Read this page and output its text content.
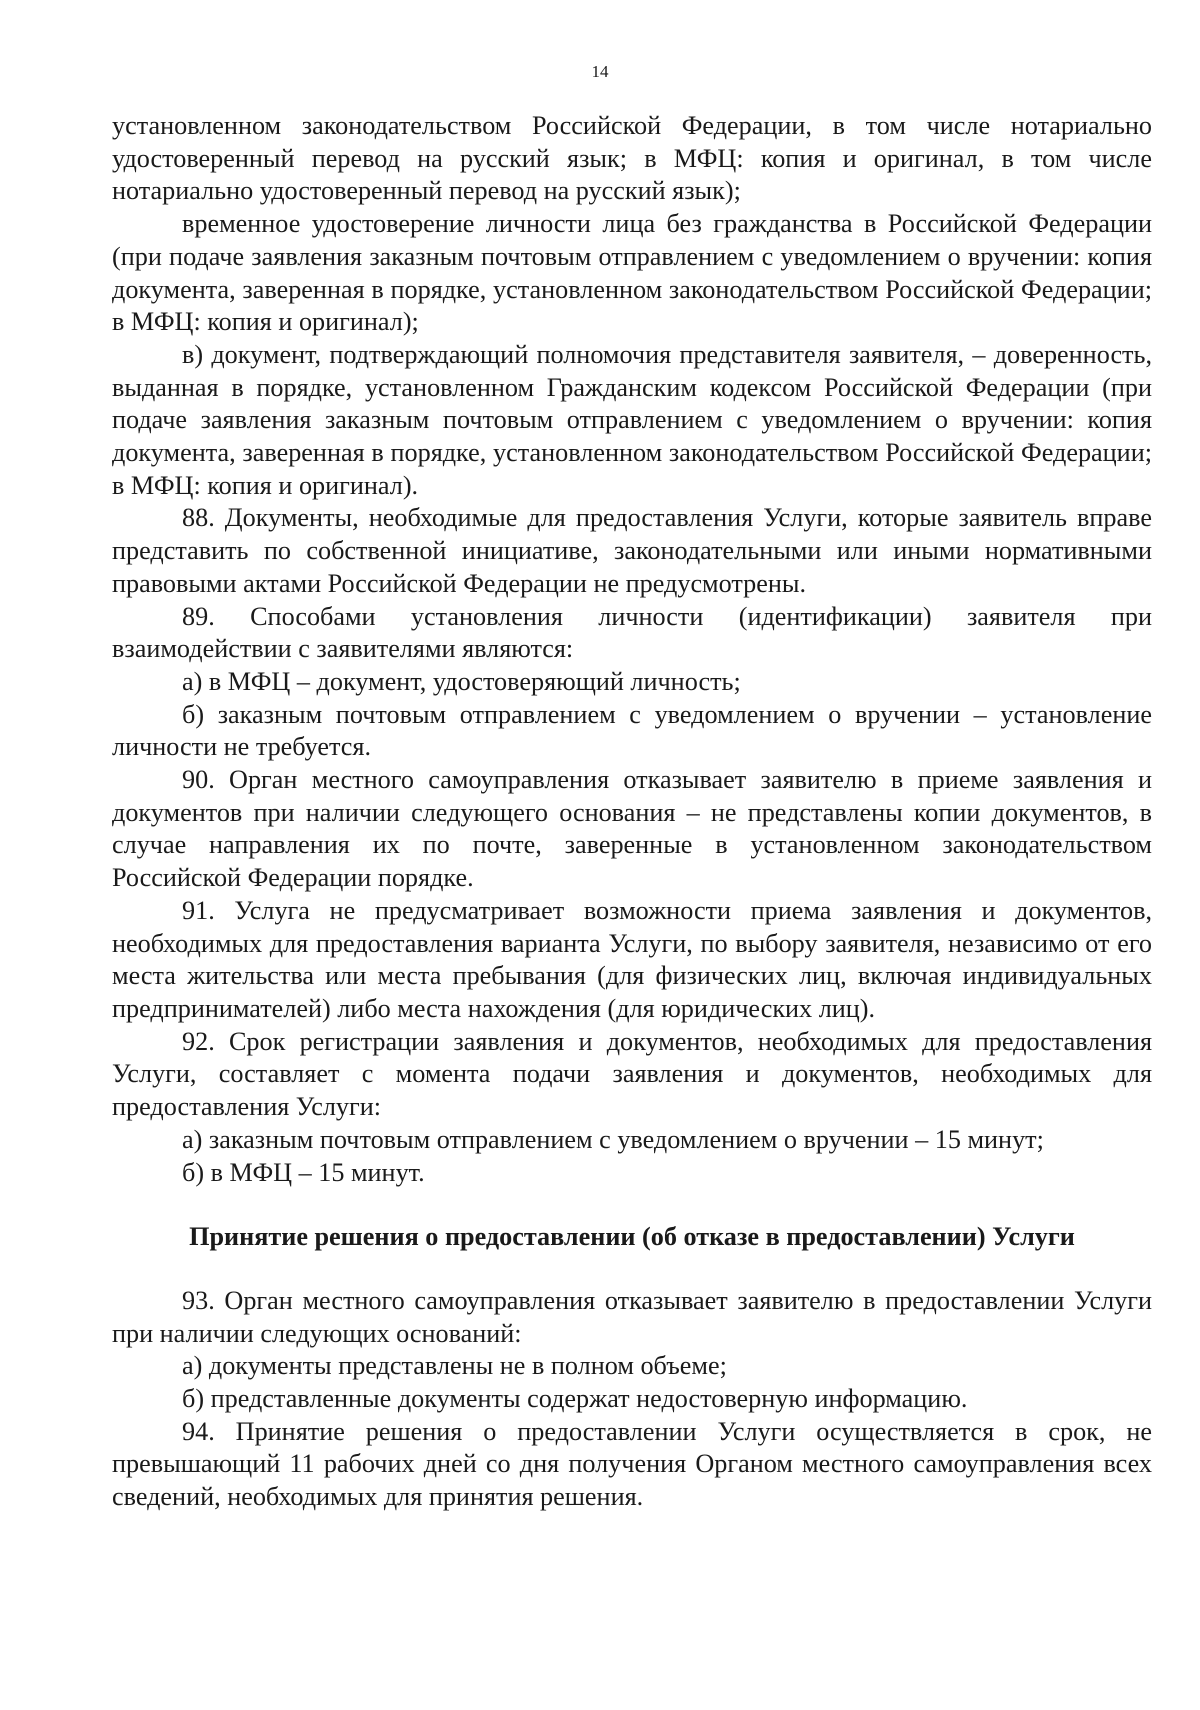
14

установленном законодательством Российской Федерации, в том числе нотариально удостоверенный перевод на русский язык; в МФЦ: копия и оригинал, в том числе нотариально удостоверенный перевод на русский язык);

временное удостоверение личности лица без гражданства в Российской Федерации (при подаче заявления заказным почтовым отправлением с уведомлением о вручении: копия документа, заверенная в порядке, установленном законодательством Российской Федерации; в МФЦ: копия и оригинал);

в) документ, подтверждающий полномочия представителя заявителя, – доверенность, выданная в порядке, установленном Гражданским кодексом Российской Федерации (при подаче заявления заказным почтовым отправлением с уведомлением о вручении: копия документа, заверенная в порядке, установленном законодательством Российской Федерации; в МФЦ: копия и оригинал).

88. Документы, необходимые для предоставления Услуги, которые заявитель вправе представить по собственной инициативе, законодательными или иными нормативными правовыми актами Российской Федерации не предусмотрены.

89. Способами установления личности (идентификации) заявителя при взаимодействии с заявителями являются:

а) в МФЦ – документ, удостоверяющий личность;

б) заказным почтовым отправлением с уведомлением о вручении – установление личности не требуется.

90. Орган местного самоуправления отказывает заявителю в приеме заявления и документов при наличии следующего основания – не представлены копии документов, в случае направления их по почте, заверенные в установленном законодательством Российской Федерации порядке.

91. Услуга не предусматривает возможности приема заявления и документов, необходимых для предоставления варианта Услуги, по выбору заявителя, независимо от его места жительства или места пребывания (для физических лиц, включая индивидуальных предпринимателей) либо места нахождения (для юридических лиц).

92. Срок регистрации заявления и документов, необходимых для предоставления Услуги, составляет с момента подачи заявления и документов, необходимых для предоставления Услуги:

а) заказным почтовым отправлением с уведомлением о вручении – 15 минут;

б) в МФЦ – 15 минут.

Принятие решения о предоставлении (об отказе в предоставлении) Услуги

93. Орган местного самоуправления отказывает заявителю в предоставлении Услуги при наличии следующих оснований:

а) документы представлены не в полном объеме;

б) представленные документы содержат недостоверную информацию.

94. Принятие решения о предоставлении Услуги осуществляется в срок, не превышающий 11 рабочих дней со дня получения Органом местного самоуправления всех сведений, необходимых для принятия решения.
